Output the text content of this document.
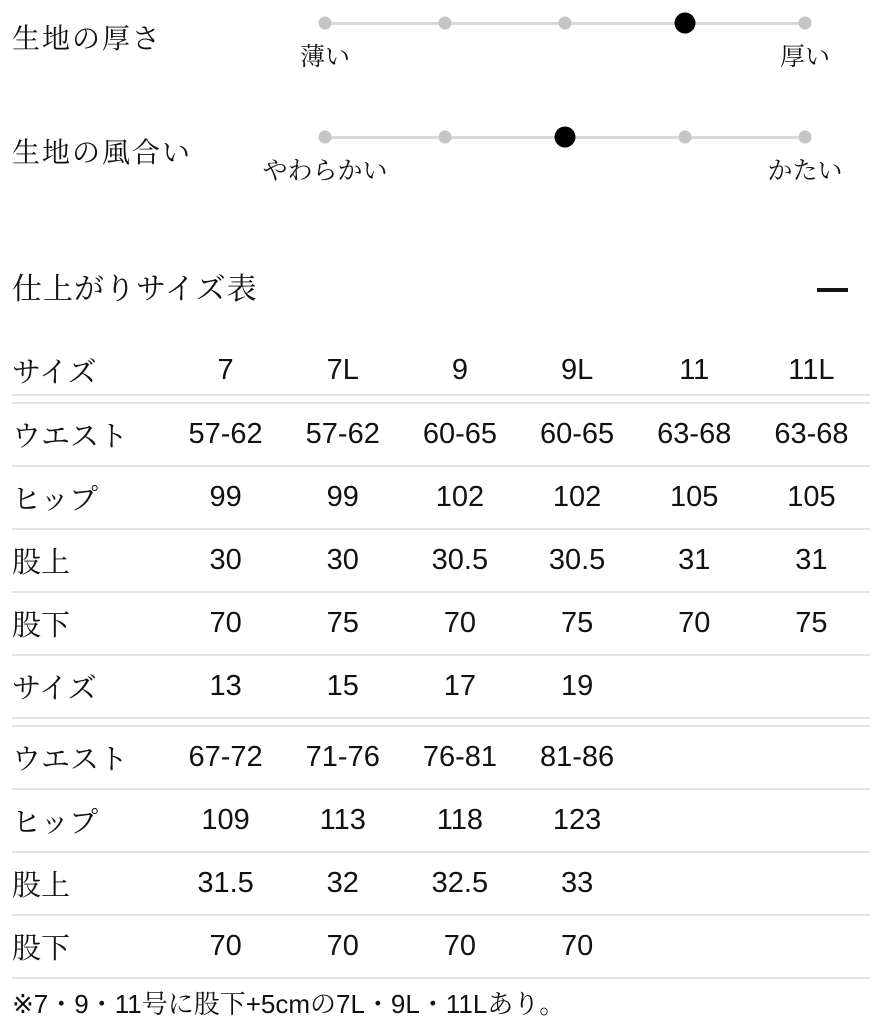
生地の厚さ
薄い	厚い
生地の風合い
やわらかい	かたい
仕上がりサイズ表
サイズ	7	7L	9	9L	11	11L
ウエスト	57-62	57-62	60-65	60-65	63-68	63-68
ヒップ	99	99	102	102	105	105
股上	30	30	30.5	30.5	31	31
股下	70	75	70	75	70	75
サイズ	13	15	17	19
ウエスト	67-72	71-76	76-81	81-86
ヒップ	109	113	118	123
股上	31.5	32	32.5	33
股下	70	70	70	70
※7・9・11号に股下+5cmの7L・9L・11Lあり。
